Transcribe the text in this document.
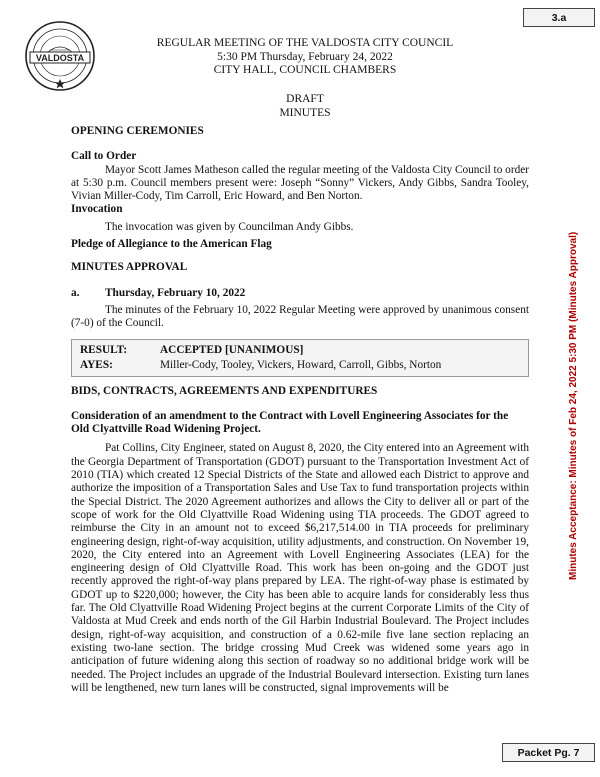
3.a
VALDOSTA
REGULAR MEETING OF THE VALDOSTA CITY COUNCIL
5:30 PM Thursday, February 24, 2022
CITY HALL, COUNCIL CHAMBERS
DRAFT
MINUTES
Minutes Acceptance: Minutes of Feb 24, 2022 5:30 PM (Minutes Approval)
OPENING CEREMONIES
Call to Order

Mayor Scott James Matheson called the regular meeting of the Valdosta City Council to order at 5:30 p.m. Council members present were: Joseph “Sonny” Vickers, Andy Gibbs, Sandra Tooley, Vivian Miller-Cody, Tim Carroll, Eric Howard, and Ben Norton.

Invocation

The invocation was given by Councilman Andy Gibbs.

Pledge of Allegiance to the American Flag
MINUTES APPROVAL
a.	Thursday, February 10, 2022

The minutes of the February 10, 2022 Regular Meeting were approved by unanimous consent (7-0) of the Council.

RESULT:	ACCEPTED [UNANIMOUS]
AYES:	Miller-Cody, Tooley, Vickers, Howard, Carroll, Gibbs, Norton
BIDS, CONTRACTS, AGREEMENTS AND EXPENDITURES
Consideration of an amendment to the Contract with Lovell Engineering Associates for the Old Clyattville Road Widening Project.

Pat Collins, City Engineer, stated on August 8, 2020, the City entered into an Agreement with the Georgia Department of Transportation (GDOT) pursuant to the Transportation Investment Act of 2010 (TIA) which created 12 Special Districts of the State and allowed each District to approve and authorize the imposition of a Transportation Sales and Use Tax to fund transportation projects within the Special District. The 2020 Agreement authorizes and allows the City to deliver all or part of the scope of work for the Old Clyattville Road Widening using TIA proceeds. The GDOT agreed to reimburse the City in an amount not to exceed $6,217,514.00 in TIA proceeds for preliminary engineering design, right-of-way acquisition, utility adjustments, and construction. On November 19, 2020, the City entered into an Agreement with Lovell Engineering Associates (LEA) for the engineering design of Old Clyattville Road. This work has been on-going and the GDOT just recently approved the right-of-way plans prepared by LEA. The right-of-way phase is estimated by GDOT up to $220,000; however, the City has been able to acquire lands for considerably less thus far. The Old Clyattville Road Widening Project begins at the current Corporate Limits of the City of Valdosta at Mud Creek and ends north of the Gil Harbin Industrial Boulevard. The Project includes design, right-of-way acquisition, and construction of a 0.62-mile five lane section replacing an existing two-lane section. The bridge crossing Mud Creek was widened some years ago in anticipation of future widening along this section of roadway so no additional bridge work will be needed. The Project includes an upgrade of the Industrial Boulevard intersection. Existing turn lanes will be lengthened, new turn lanes will be constructed, signal improvements will be

Packet Pg. 7
